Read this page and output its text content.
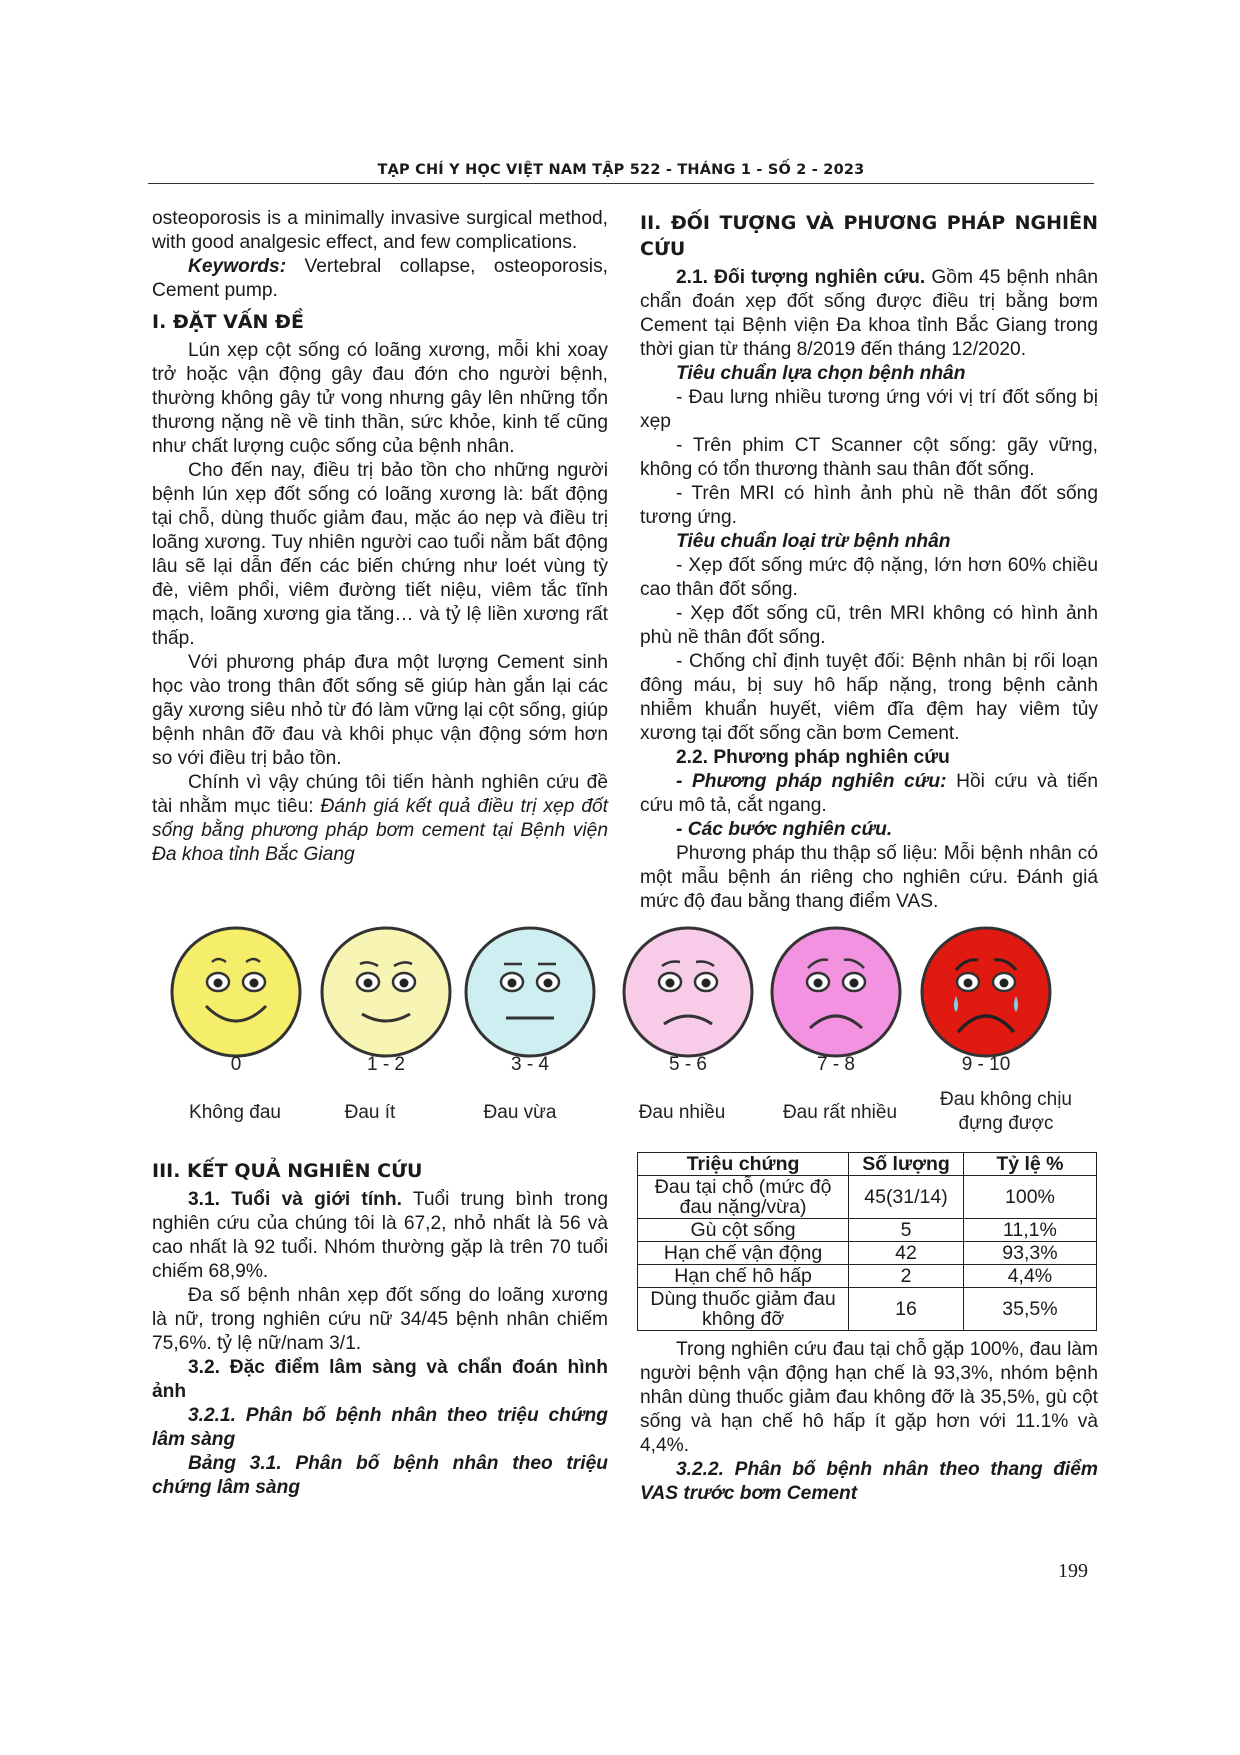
TẠP CHÍ Y HỌC VIỆT NAM TẬP 522 - THÁNG 1 - SỐ 2 - 2023

osteoporosis is a minimally invasive surgical method, with good analgesic effect, and few complications.

Keywords: Vertebral collapse, osteoporosis, Cement pump.

I. ĐẶT VẤN ĐỀ

Lún xẹp cột sống có loãng xương, mỗi khi xoay trở hoặc vận động gây đau đớn cho người bệnh, thường không gây tử vong nhưng gây lên những tổn thương nặng nề về tinh thần, sức khỏe, kinh tế cũng như chất lượng cuộc sống của bệnh nhân.

Cho đến nay, điều trị bảo tồn cho những người bệnh lún xẹp đốt sống có loãng xương là: bất động tại chỗ, dùng thuốc giảm đau, mặc áo nẹp và điều trị loãng xương. Tuy nhiên người cao tuổi nằm bất động lâu sẽ lại dẫn đến các biến chứng như loét vùng tỳ đè, viêm phổi, viêm đường tiết niệu, viêm tắc tĩnh mạch, loãng xương gia tăng… và tỷ lệ liền xương rất thấp.

Với phương pháp đưa một lượng Cement sinh học vào trong thân đốt sống sẽ giúp hàn gắn lại các gãy xương siêu nhỏ từ đó làm vững lại cột sống, giúp bệnh nhân đỡ đau và khôi phục vận động sớm hơn so với điều trị bảo tồn.

Chính vì vậy chúng tôi tiến hành nghiên cứu đề tài nhằm mục tiêu: Đánh giá kết quả điều trị xẹp đốt sống bằng phương pháp bơm cement tại Bệnh viện Đa khoa tỉnh Bắc Giang

II. ĐỐI TƯỢNG VÀ PHƯƠNG PHÁP NGHIÊN CỨU

2.1. Đối tượng nghiên cứu. Gồm 45 bệnh nhân chẩn đoán xẹp đốt sống được điều trị bằng bơm Cement tại Bệnh viện Đa khoa tỉnh Bắc Giang trong thời gian từ tháng 8/2019 đến tháng 12/2020.

Tiêu chuẩn lựa chọn bệnh nhân

- Đau lưng nhiều tương ứng với vị trí đốt sống bị xẹp

- Trên phim CT Scanner cột sống: gãy vững, không có tổn thương thành sau thân đốt sống.

- Trên MRI có hình ảnh phù nề thân đốt sống tương ứng.

Tiêu chuẩn loại trừ bệnh nhân

- Xẹp đốt sống mức độ nặng, lớn hơn 60% chiều cao thân đốt sống.

- Xẹp đốt sống cũ, trên MRI không có hình ảnh phù nề thân đốt sống.

- Chống chỉ định tuyệt đối: Bệnh nhân bị rối loạn đông máu, bị suy hô hấp nặng, trong bệnh cảnh nhiễm khuẩn huyết, viêm đĩa đệm hay viêm tủy xương tại đốt sống cần bơm Cement.

2.2. Phương pháp nghiên cứu

- Phương pháp nghiên cứu: Hồi cứu và tiến cứu mô tả, cắt ngang.

- Các bước nghiên cứu.

Phương pháp thu thập số liệu: Mỗi bệnh nhân có một mẫu bệnh án riêng cho nghiên cứu. Đánh giá mức độ đau bằng thang điểm VAS.

0	1 - 2	3 - 4	5 - 6	7 - 8	9 - 10
Không đau	Đau ít	Đau vừa	Đau nhiều	Đau rất nhiều
Đau không chịu
đựng được
III. KẾT QUẢ NGHIÊN CỨU

3.1. Tuổi và giới tính. Tuổi trung bình trong nghiên cứu của chúng tôi là 67,2, nhỏ nhất là 56 và cao nhất là 92 tuổi. Nhóm thường gặp là trên 70 tuổi chiếm 68,9%.

Đa số bệnh nhân xẹp đốt sống do loãng xương là nữ, trong nghiên cứu nữ 34/45 bệnh nhân chiếm 75,6%. tỷ lệ nữ/nam 3/1.

3.2. Đặc điểm lâm sàng và chẩn đoán hình ảnh

3.2.1. Phân bố bệnh nhân theo triệu chứng lâm sàng

Bảng 3.1. Phân bố bệnh nhân theo triệu chứng lâm sàng

Triệu chứng	Số lượng	Tỷ lệ %
Đau tại chỗ (mức độ đau nặng/vừa)	45(31/14)	100%
Gù cột sống	5	11,1%
Hạn chế vận động	42	93,3%
Hạn chế hô hấp	2	4,4%
Dùng thuốc giảm đau không đỡ	16	35,5%

Trong nghiên cứu đau tại chỗ gặp 100%, đau làm người bệnh vận động hạn chế là 93,3%, nhóm bệnh nhân dùng thuốc giảm đau không đỡ là 35,5%, gù cột sống và hạn chế hô hấp ít gặp hơn với 11.1% và 4,4%.

3.2.2. Phân bố bệnh nhân theo thang điểm VAS trước bơm Cement

199
